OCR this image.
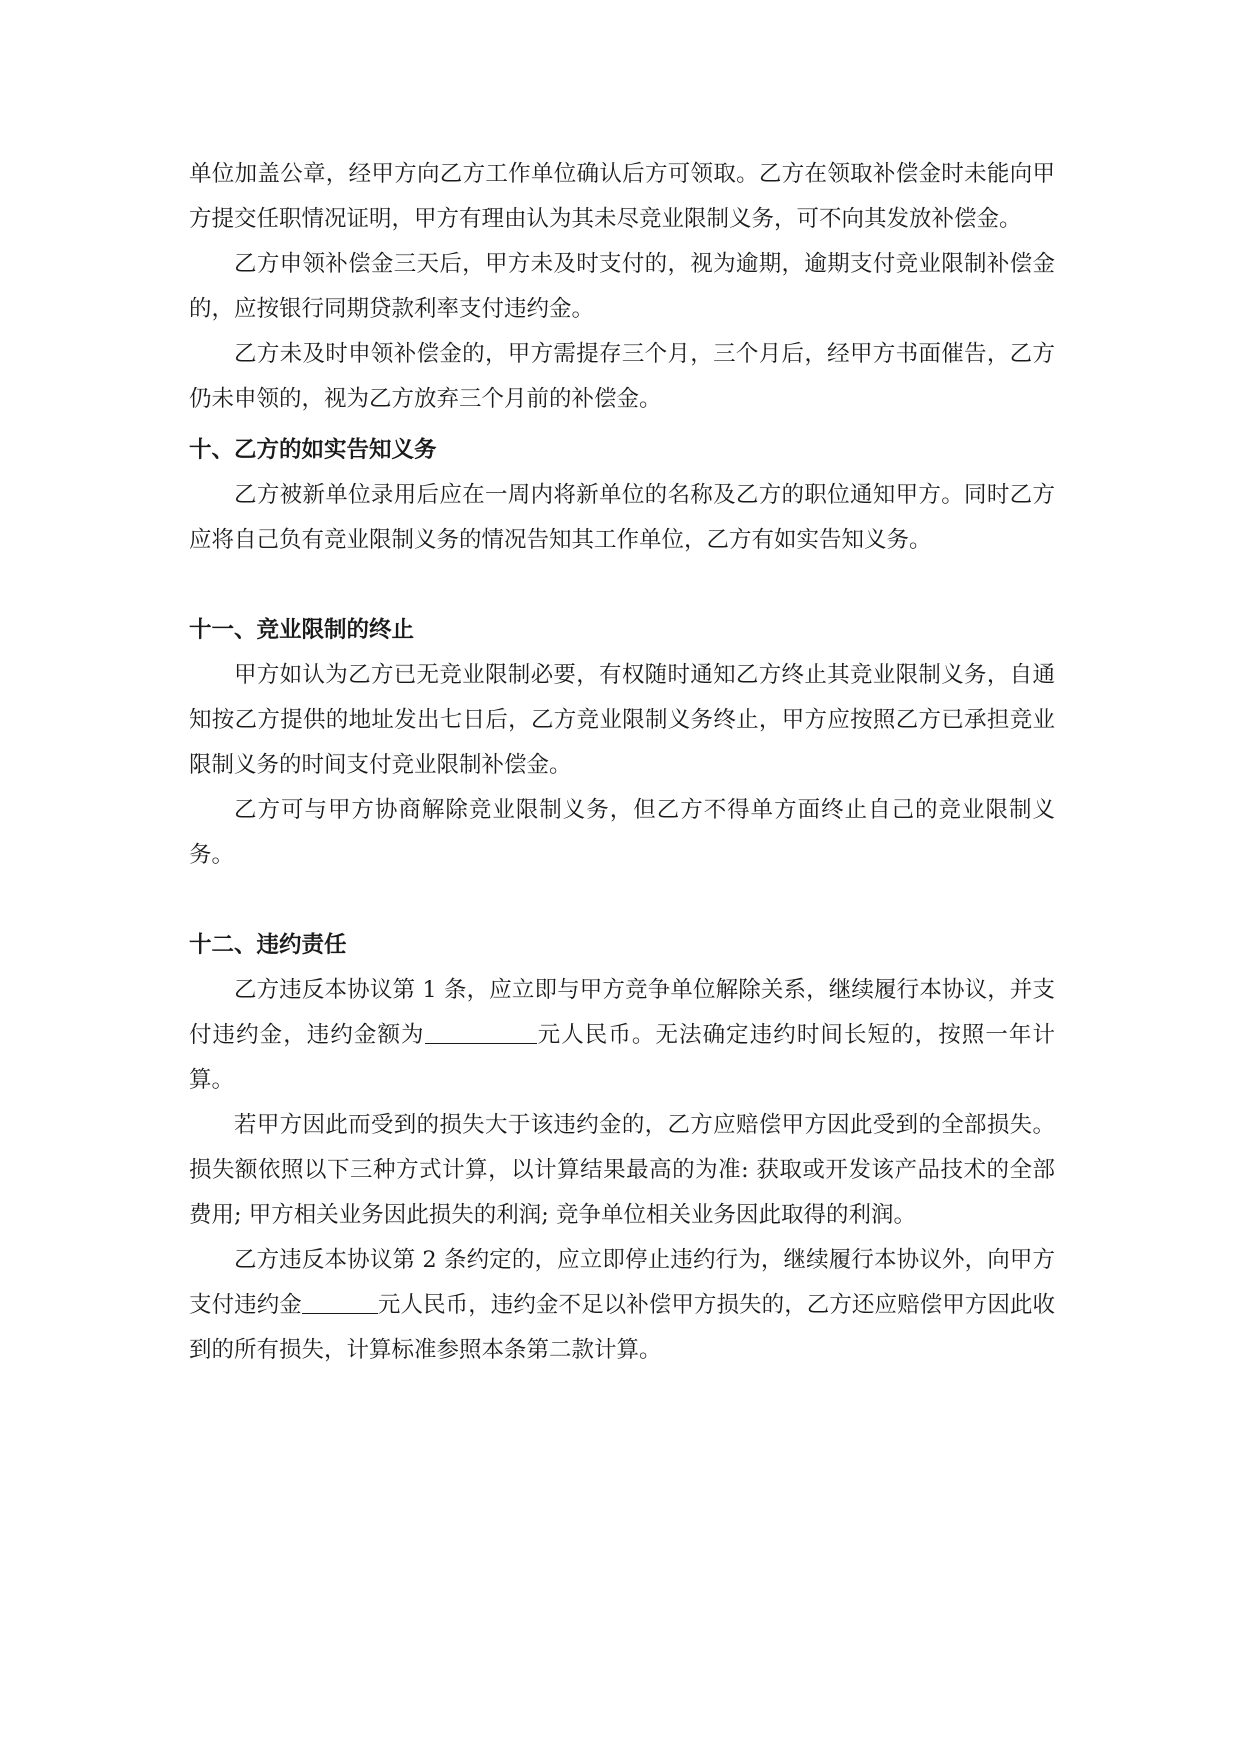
单位加盖公章，经甲方向乙方工作单位确认后方可领取。乙方在领取补偿金时未能向甲方提交任职情况证明，甲方有理由认为其未尽竞业限制义务，可不向其发放补偿金。

乙方申领补偿金三天后，甲方未及时支付的，视为逾期，逾期支付竞业限制补偿金的，应按银行同期贷款利率支付违约金。

乙方未及时申领补偿金的，甲方需提存三个月，三个月后，经甲方书面催告，乙方仍未申领的，视为乙方放弃三个月前的补偿金。

十、乙方的如实告知义务

乙方被新单位录用后应在一周内将新单位的名称及乙方的职位通知甲方。同时乙方应将自己负有竞业限制义务的情况告知其工作单位，乙方有如实告知义务。

十一、竞业限制的终止

甲方如认为乙方已无竞业限制必要，有权随时通知乙方终止其竞业限制义务，自通知按乙方提供的地址发出七日后，乙方竞业限制义务终止，甲方应按照乙方已承担竞业限制义务的时间支付竞业限制补偿金。

乙方可与甲方协商解除竞业限制义务，但乙方不得单方面终止自己的竞业限制义务。

十二、违约责任

乙方违反本协议第 1 条，应立即与甲方竞争单位解除关系，继续履行本协议，并支付违约金，违约金额为	元人民币。无法确定违约时间长短的，按照一年计算。

若甲方因此而受到的损失大于该违约金的，乙方应赔偿甲方因此受到的全部损失。损失额依照以下三种方式计算，以计算结果最高的为准: 获取或开发该产品技术的全部费用; 甲方相关业务因此损失的利润; 竞争单位相关业务因此取得的利润。

乙方违反本协议第 2 条约定的，应立即停止违约行为，继续履行本协议外，向甲方支付违约金	元人民币，违约金不足以补偿甲方损失的，乙方还应赔偿甲方因此收到的所有损失，计算标准参照本条第二款计算。
